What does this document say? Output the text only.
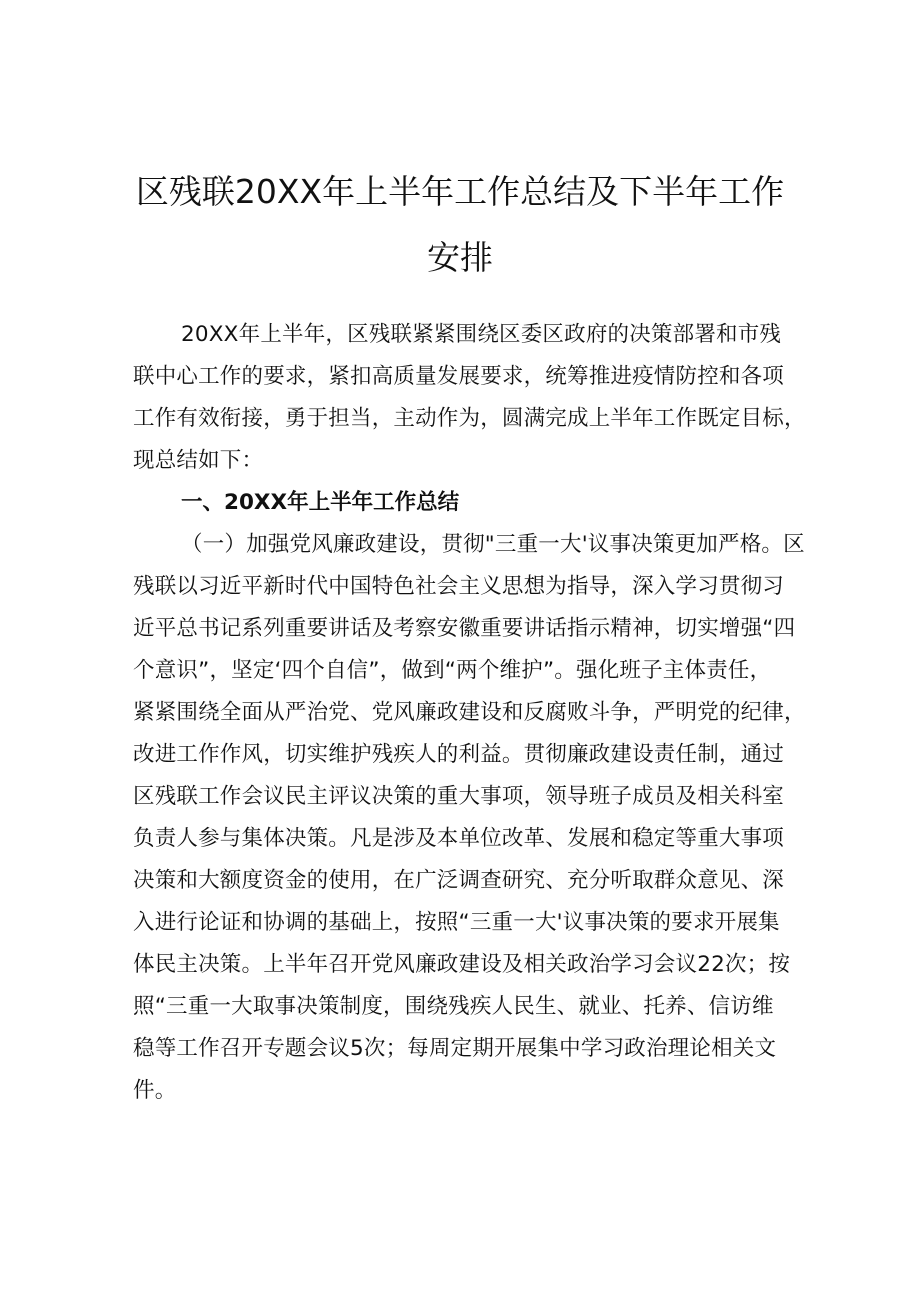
区残联20XX年上半年工作总结及下半年工作
安排
20XX年上半年，区残联紧紧围绕区委区政府的决策部署和市残
联中心工作的要求，紧扣高质量发展要求，统筹推进疫情防控和各项
工作有效衔接，勇于担当，主动作为，圆满完成上半年工作既定目标，
现总结如下：
一、20XX年上半年工作总结
（一）加强党风廉政建设，贯彻"三重一大'议事决策更加严格。区
残联以习近平新时代中国特色社会主义思想为指导，深入学习贯彻习
近平总书记系列重要讲话及考察安徽重要讲话指示精神，切实增强“四
个意识”，坚定‘四个自信”，做到“两个维护”。强化班子主体责任，
紧紧围绕全面从严治党、党风廉政建设和反腐败斗争，严明党的纪律，
改进工作作风，切实维护残疾人的利益。贯彻廉政建设责任制，通过
区残联工作会议民主评议决策的重大事项，领导班子成员及相关科室
负责人参与集体决策。凡是涉及本单位改革、发展和稳定等重大事项
决策和大额度资金的使用，在广泛调查研究、充分听取群众意见、深
入进行论证和协调的基础上，按照“三重一大'议事决策的要求开展集
体民主决策。上半年召开党风廉政建设及相关政治学习会议22次；按
照“三重一大取事决策制度，围绕残疾人民生、就业、托养、信访维
稳等工作召开专题会议5次；每周定期开展集中学习政治理论相关文
件。
